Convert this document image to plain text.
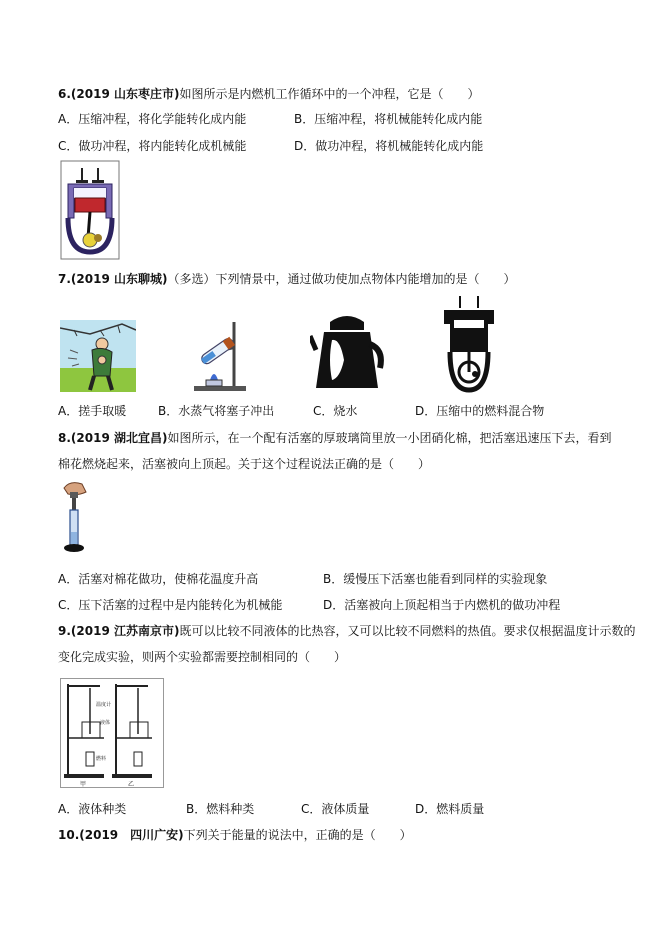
6.(2019 山东枣庄市)如图所示是内燃机工作循环中的一个冲程，它是（　　）
A．压缩冲程，将化学能转化成内能	B．压缩冲程，将机械能转化成内能
C．做功冲程，将内能转化成机械能	D．做功冲程，将机械能转化成内能
7.(2019 山东聊城)（多选）下列情景中，通过做功使加点物体内能增加的是（　　）
A．搓手取暖	B．水蒸气将塞子冲出	C．烧水	D．压缩中的燃料混合物
8.(2019 湖北宜昌)如图所示，在一个配有活塞的厚玻璃筒里放一小团硝化棉，把活塞迅速压下去，看到
棉花燃烧起来，活塞被向上顶起。关于这个过程说法正确的是（　　）
A．活塞对棉花做功，使棉花温度升高	B．缓慢压下活塞也能看到同样的实验现象
C．压下活塞的过程中是内能转化为机械能	D．活塞被向上顶起相当于内燃机的做功冲程
9.(2019 江苏南京市)既可以比较不同液体的比热容，又可以比较不同燃料的热值。要求仅根据温度计示数的
变化完成实验，则两个实验都需要控制相同的（　　）
温度计
液体
燃料
甲	乙
A．液体种类	B．燃料种类	C．液体质量	D．燃料质量
10.(2019　四川广安)下列关于能量的说法中，正确的是（　　）
